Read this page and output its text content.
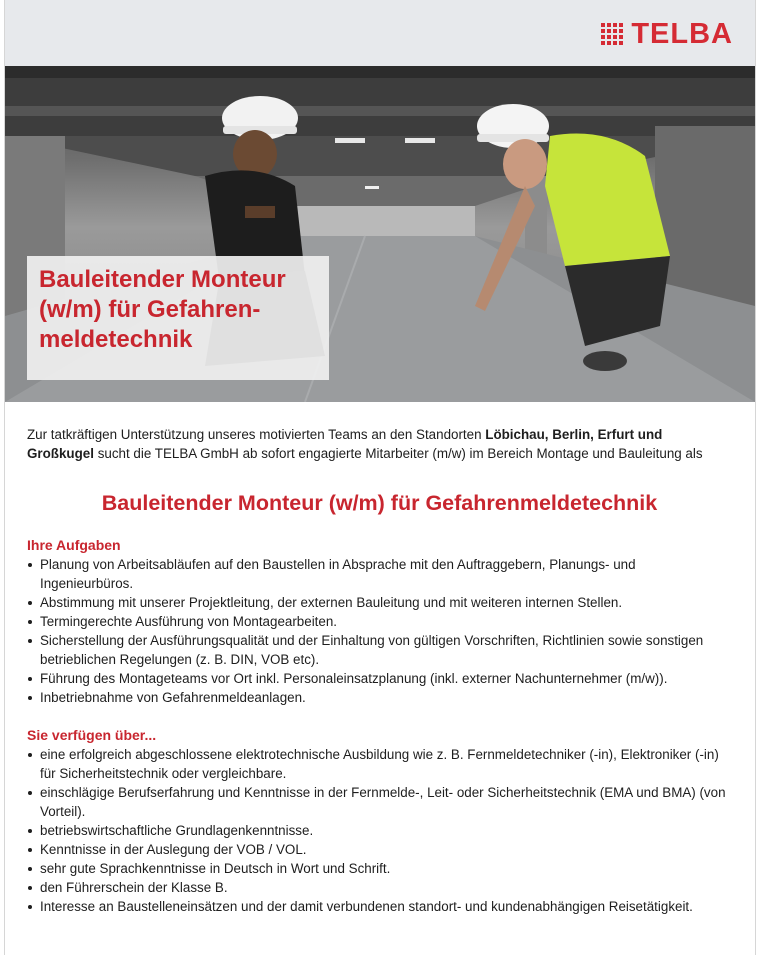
TELBA

Bauleitender Monteur
(w/m) für Gefahren-
meldetechnik

Zur tatkräftigen Unterstützung unseres motivierten Teams an den Standorten Löbichau, Berlin, Erfurt und Großkugel sucht die TELBA GmbH ab sofort engagierte Mitarbeiter (m/w) im Bereich Montage und Bauleitung als

Bauleitender Monteur (w/m) für Gefahrenmeldetechnik
Ihre Aufgaben
Planung von Arbeitsabläufen auf den Baustellen in Absprache mit den Auftraggebern, Planungs- und Ingenieurbüros.
Abstimmung mit unserer Projektleitung, der externen Bauleitung und mit weiteren internen Stellen.
Termingerechte Ausführung von Montagearbeiten.
Sicherstellung der Ausführungsqualität und der Einhaltung von gültigen Vorschriften, Richtlinien sowie sonstigen betrieblichen Regelungen (z. B. DIN, VOB etc).
Führung des Montageteams vor Ort inkl. Personaleinsatzplanung (inkl. externer Nachunternehmer (m/w)).
Inbetriebnahme von Gefahrenmeldeanlagen.
Sie verfügen über...
eine erfolgreich abgeschlossene elektrotechnische Ausbildung wie z. B. Fernmeldetechniker (-in), Elektroniker (-in) für Sicherheitstechnik oder vergleichbare.
einschlägige Berufserfahrung und Kenntnisse in der Fernmelde-, Leit- oder Sicherheitstechnik (EMA und BMA) (von Vorteil).
betriebswirtschaftliche Grundlagenkenntnisse.
Kenntnisse in der Auslegung der VOB / VOL.
sehr gute Sprachkenntnisse in Deutsch in Wort und Schrift.
den Führerschein der Klasse B.
Interesse an Baustelleneinsätzen und der damit verbundenen standort- und kundenabhängigen Reisetätigkeit.
